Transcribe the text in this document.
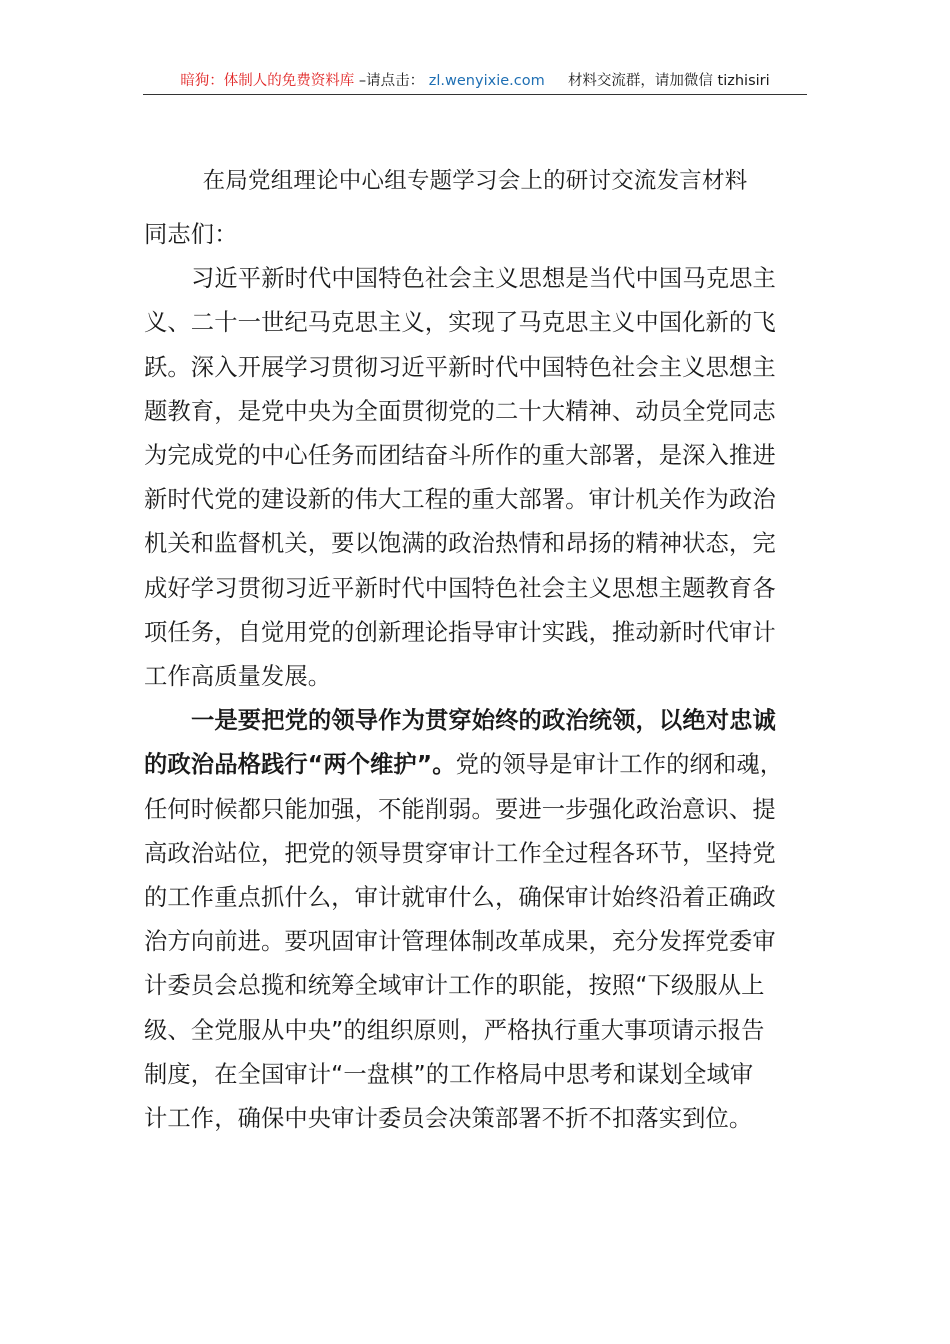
暗狗：体制人的免费资料库 –请点击： zl.wenyixie.com 材料交流群，请加微信 tizhisiri
在局党组理论中心组专题学习会上的研讨交流发言材料

同志们：

习近平新时代中国特色社会主义思想是当代中国马克思主
义、二十一世纪马克思主义，实现了马克思主义中国化新的飞
跃。深入开展学习贯彻习近平新时代中国特色社会主义思想主
题教育，是党中央为全面贯彻党的二十大精神、动员全党同志
为完成党的中心任务而团结奋斗所作的重大部署，是深入推进
新时代党的建设新的伟大工程的重大部署。审计机关作为政治
机关和监督机关，要以饱满的政治热情和昂扬的精神状态，完
成好学习贯彻习近平新时代中国特色社会主义思想主题教育各
项任务，自觉用党的创新理论指导审计实践，推动新时代审计
工作高质量发展。
一是要把党的领导作为贯穿始终的政治统领，以绝对忠诚
的政治品格践行“两个维护”。党的领导是审计工作的纲和魂，
任何时候都只能加强，不能削弱。要进一步强化政治意识、提
高政治站位，把党的领导贯穿审计工作全过程各环节，坚持党
的工作重点抓什么，审计就审什么，确保审计始终沿着正确政
治方向前进。要巩固审计管理体制改革成果，充分发挥党委审
计委员会总揽和统筹全域审计工作的职能，按照“下级服从上
级、全党服从中央”的组织原则，严格执行重大事项请示报告
制度，在全国审计“一盘棋”的工作格局中思考和谋划全域审
计工作，确保中央审计委员会决策部署不折不扣落实到位。
